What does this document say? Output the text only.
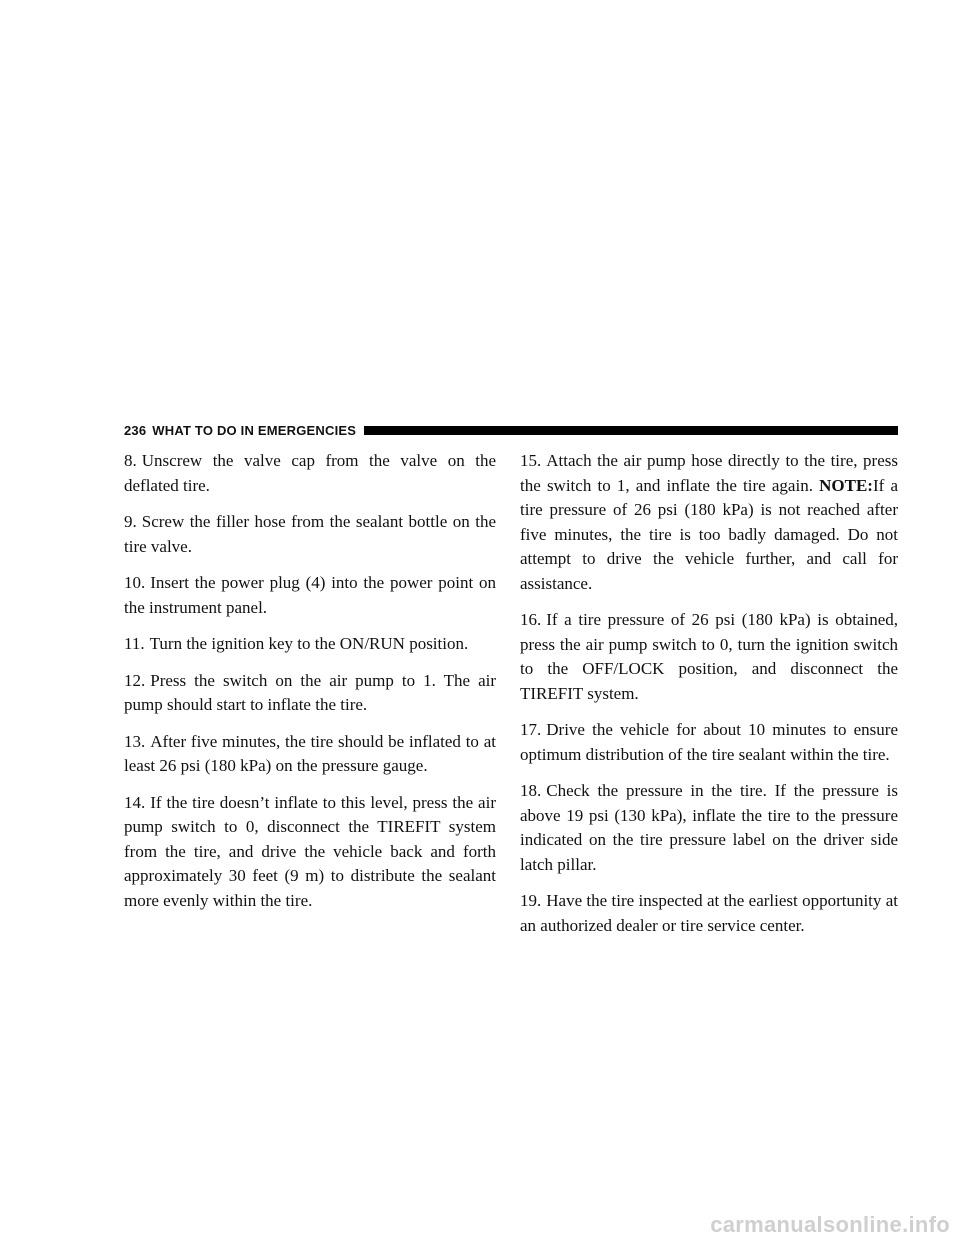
236 WHAT TO DO IN EMERGENCIES

8. Unscrew the valve cap from the valve on the deflated tire.

9. Screw the filler hose from the sealant bottle on the tire valve.

10. Insert the power plug (4) into the power point on the instrument panel.

11. Turn the ignition key to the ON/RUN position.

12. Press the switch on the air pump to 1. The air pump should start to inflate the tire.

13. After five minutes, the tire should be inflated to at least 26 psi (180 kPa) on the pressure gauge.

14. If the tire doesn’t inflate to this level, press the air pump switch to 0, disconnect the TIREFIT system from the tire, and drive the vehicle back and forth approximately 30 feet (9 m) to distribute the sealant more evenly within the tire.

15. Attach the air pump hose directly to the tire, press the switch to 1, and inflate the tire again. NOTE:If a tire pressure of 26 psi (180 kPa) is not reached after five minutes, the tire is too badly damaged. Do not attempt to drive the vehicle further, and call for assistance.

16. If a tire pressure of 26 psi (180 kPa) is obtained, press the air pump switch to 0, turn the ignition switch to the OFF/LOCK position, and disconnect the TIREFIT system.

17. Drive the vehicle for about 10 minutes to ensure optimum distribution of the tire sealant within the tire.

18. Check the pressure in the tire. If the pressure is above 19 psi (130 kPa), inflate the tire to the pressure indicated on the tire pressure label on the driver side latch pillar.

19. Have the tire inspected at the earliest opportunity at an authorized dealer or tire service center.

carmanualsonline.info
